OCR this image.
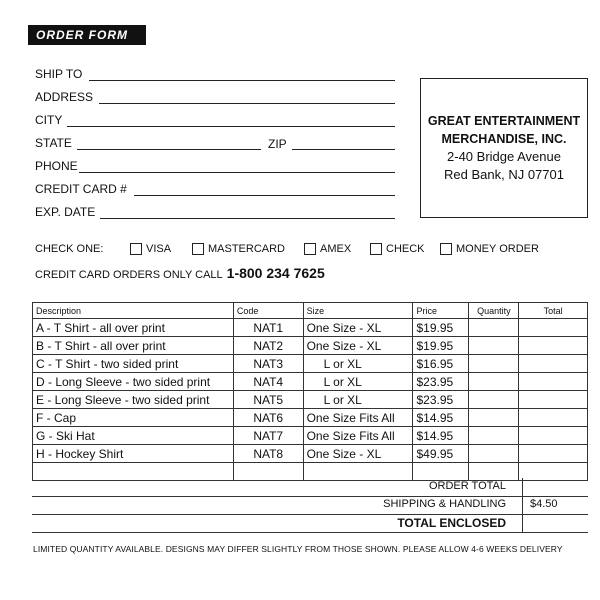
ORDER FORM
SHIP TO
ADDRESS
CITY
STATE	ZIP
PHONE
CREDIT CARD #
EXP. DATE
GREAT ENTERTAINMENT
MERCHANDISE, INC.
2-40 Bridge Avenue
Red Bank, NJ 07701
CHECK ONE:	VISA	MASTERCARD	AMEX	CHECK	MONEY ORDER
CREDIT CARD ORDERS ONLY CALL 1-800 234 7625
Description	Code	Size	Price	Quantity	Total
A - T Shirt - all over print	NAT1	One Size - XL	$19.95		
B - T Shirt - all over print	NAT2	One Size - XL	$19.95		
C - T Shirt - two sided print	NAT3	L or XL	$16.95		
D - Long Sleeve - two sided print	NAT4	L or XL	$23.95		
E - Long Sleeve - two sided print	NAT5	L or XL	$23.95		
F - Cap	NAT6	One Size Fits All	$14.95		
G - Ski Hat	NAT7	One Size Fits All	$14.95		
H - Hockey Shirt	NAT8	One Size - XL	$49.95		

ORDER TOTAL
SHIPPING & HANDLING $4.50
TOTAL ENCLOSED
LIMITED QUANTITY AVAILABLE. DESIGNS MAY DIFFER SLIGHTLY FROM THOSE SHOWN. PLEASE ALLOW 4-6 WEEKS DELIVERY
